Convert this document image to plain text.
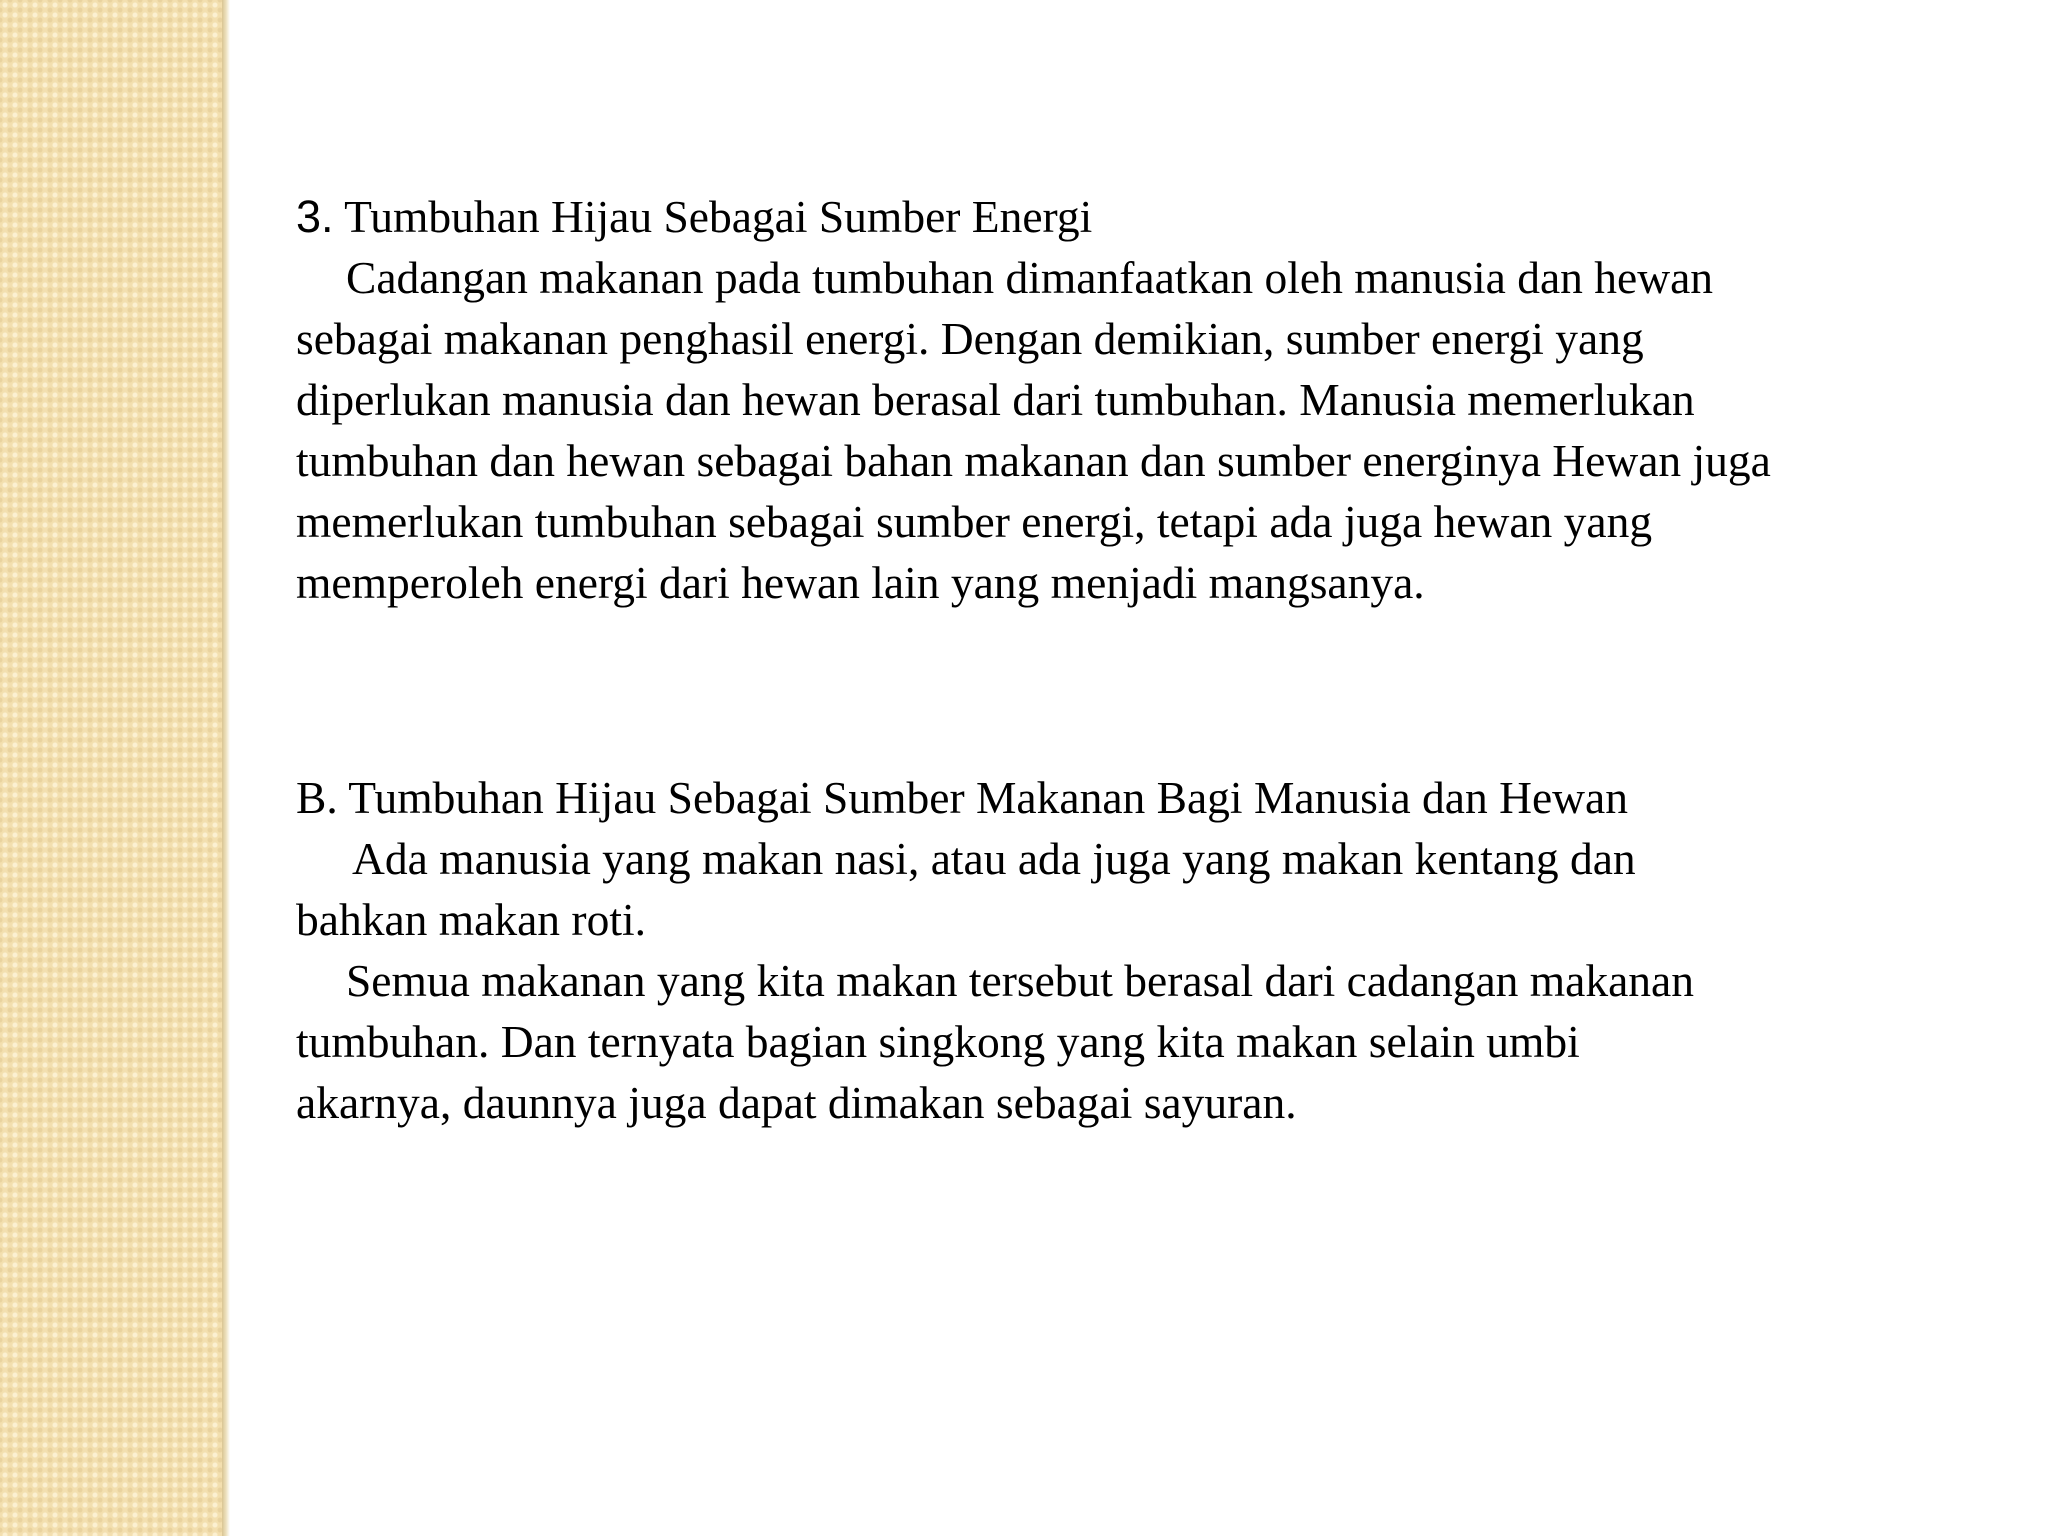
3. Tumbuhan Hijau Sebagai Sumber Energi
Cadangan makanan pada tumbuhan dimanfaatkan oleh manusia dan hewan
sebagai makanan penghasil energi. Dengan demikian, sumber energi yang
diperlukan manusia dan hewan berasal dari tumbuhan. Manusia memerlukan
tumbuhan dan hewan sebagai bahan makanan dan sumber energinya Hewan juga
memerlukan tumbuhan sebagai sumber energi, tetapi ada juga hewan yang
memperoleh energi dari hewan lain yang menjadi mangsanya.
B. Tumbuhan Hijau Sebagai Sumber Makanan Bagi Manusia dan Hewan
Ada manusia yang makan nasi, atau ada juga yang makan kentang dan
bahkan makan roti.
Semua makanan yang kita makan tersebut berasal dari cadangan makanan
tumbuhan. Dan ternyata bagian singkong yang kita makan selain umbi
akarnya, daunnya juga dapat dimakan sebagai sayuran.
